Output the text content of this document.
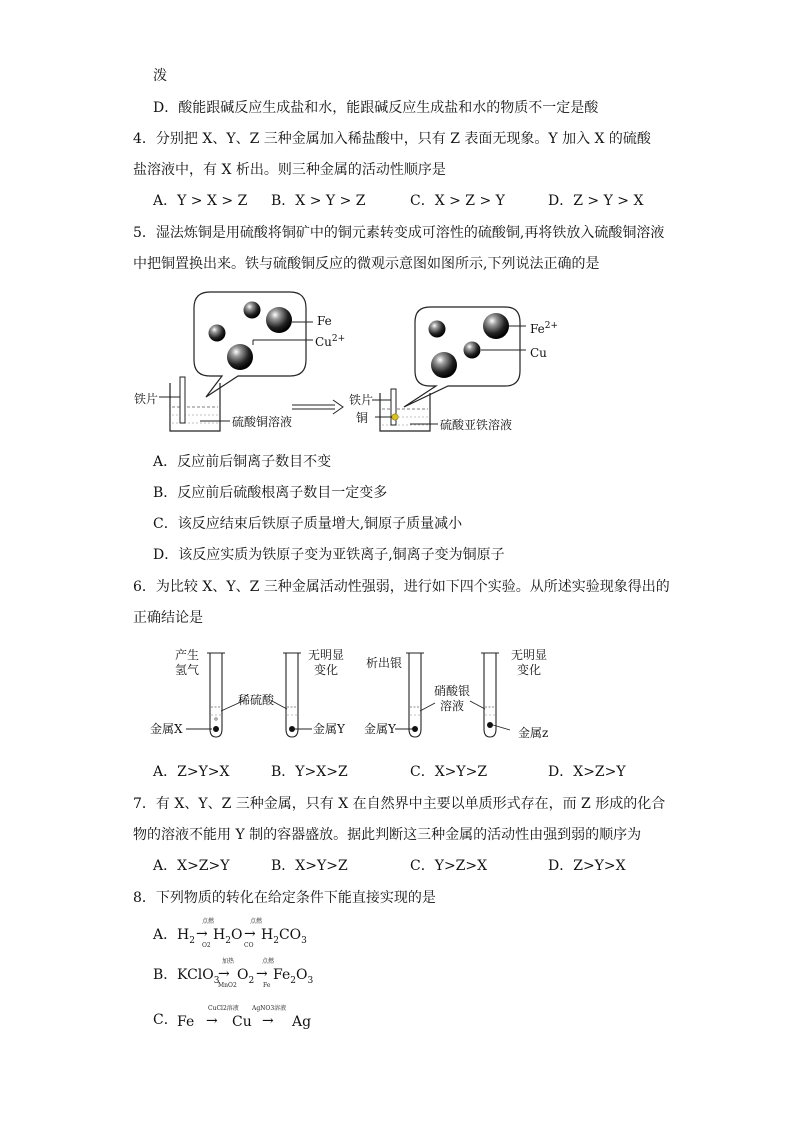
泼
D．酸能跟碱反应生成盐和水，能跟碱反应生成盐和水的物质不一定是酸
4．分别把 X、Y、Z 三种金属加入稀盐酸中，只有 Z 表面无现象。Y 加入 X 的硫酸
盐溶液中，有 X 析出。则三种金属的活动性顺序是
A．Y > X > Z B．X > Y > Z	C．X > Z > Y	D．Z > Y > X
5．湿法炼铜是用硫酸将铜矿中的铜元素转变成可溶性的硫酸铜,再将铁放入硫酸铜溶液
中把铜置换出来。铁与硫酸铜反应的微观示意图如图所示,下列说法正确的是
Fe
$Cu^{2+}$
铁片
硫酸铜溶液
$Fe^{2+}$
Cu
铁片
铜	硫酸亚铁溶液
A．反应前后铜离子数目不变
B．反应前后硫酸根离子数目一定变多
C．该反应结束后铁原子质量增大,铜原子质量减小
D．该反应实质为铁原子变为亚铁离子,铜离子变为铜原子
6．为比较 X、Y、Z 三种金属活动性强弱，进行如下四个实验。从所述实验现象得出的
正确结论是
产生
氢气
无明显
变化
稀硫酸
金属X	金属Y
析出银
无明显
变化
硝酸银
溶液
金属Y	金属z
A．Z>Y>X	B．Y>X>Z	C．X>Y>Z	D．X>Z>Y
7．有 X、Y、Z 三种金属，只有 X 在自然界中主要以单质形式存在，而 Z 形成的化合
物的溶液不能用 Y 制的容器盛放。据此判断这三种金属的活动性由强到弱的顺序为
A．X>Z>Y	B．X>Y>Z	C．Y>Z>X	D．Z>Y>X
8．下列物质的转化在给定条件下能直接实现的是
A． $H_2$
点燃
→
O2
$H_2O$
点燃
→
CO
$H_2CO_3$
B． KClO$_3$
加热
→
MnO2
$O_2$
点燃
→
Fe
$Fe_2O_3$
C． Fe
CuCl2溶液
→ Cu
AgNO3溶液
→ Ag
